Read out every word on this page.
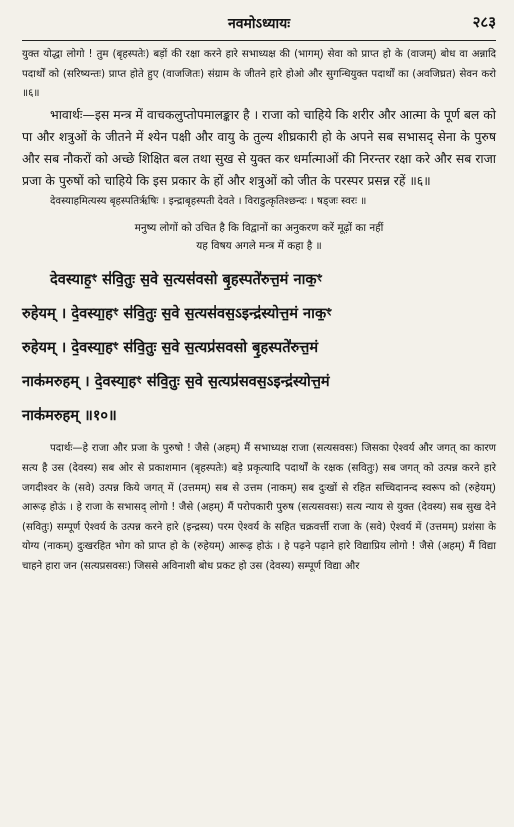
नवमोऽध्यायः	२८३

युक्त योद्धा लोगो ! तुम (बृहस्पतेः) बड़ों की रक्षा करने हारे सभाध्यक्ष की (भागम्) सेवा को प्राप्त हो के (वाजम्) बोध वा अन्नादि पदार्थों को (सरिष्यन्तः) प्राप्त होते हुए (वाजजितः) संग्राम के जीतने हारे होओ और सुगन्धियुक्त पदार्थों का (अवजिघ्रत) सेवन करो ॥६॥

भावार्थः—इस मन्त्र में वाचकलुप्तोपमालङ्कार है । राजा को चाहिये कि शरीर और आत्मा के पूर्ण बल को पा और शत्रुओं के जीतने में श्येन पक्षी और वायु के तुल्य शीघ्रकारी हो के अपने सब सभासद् सेना के पुरुष और सब नौकरों को अच्छे शिक्षित बल तथा सुख से युक्त कर धर्मात्माओं की निरन्तर रक्षा करे और सब राजा प्रजा के पुरुषों को चाहिये कि इस प्रकार के हों और शत्रुओं को जीत के परस्पर प्रसन्न रहें ॥६॥

देवस्याहमित्यस्य बृहस्पतिर्ऋषिः । इन्द्राबृहस्पती देवते । विराडुत्कृतिश्छन्दः । षड्जः स्वरः ॥

मनुष्य लोगों को उचित है कि विद्वानों का अनुकरण करें मूढ़ों का नहीं
यह विषय अगले मन्त्र में कहा है ॥
देवस्याह॒ꣳ स॑वि॒तुः स॒वे स॒त्यस॑वसो बृ॒हस्पते॑रुत्त॒मं नाक॒ꣳ
रुहेयम् । दे॒वस्या॒हꣳ स॑वि॒तुः स॒वे स॒त्यस॑वस॒ऽइन्द्र॑स्योत्त॒मं नाक॒ꣳ
रुहेयम् । दे॒वस्या॒हꣳ स॑वि॒तुः स॒वे स॒त्यप्र॑सवसो बृ॒हस्पते॑रुत्त॒मं
नाक॑मरुहम् । दे॒वस्या॒हꣳ स॑वि॒तुः स॒वे स॒त्यप्र॑सवस॒ऽइन्द्र॑स्योत्त॒मं
नाक॑मरुहम् ॥१०॥

पदार्थः—हे राजा और प्रजा के पुरुषो ! जैसे (अहम्) मैं सभाध्यक्ष राजा (सत्यसवसः) जिसका ऐश्वर्य और जगत् का कारण सत्य है उस (देवस्य) सब ओर से प्रकाशमान (बृहस्पतेः) बड़े प्रकृत्यादि पदार्थों के रक्षक (सवितुः) सब जगत् को उत्पन्न करने हारे जगदीश्वर के (सवे) उत्पन्न किये जगत् में (उत्तमम्) सब से उत्तम (नाकम्) सब दुःखों से रहित सच्चिदानन्द स्वरूप को (रुहेयम्) आरूढ़ होऊं । हे राजा के सभासद् लोगो ! जैसे (अहम्) मैं परोपकारी पुरुष (सत्यसवसः) सत्य न्याय से युक्त (देवस्य) सब सुख देने (सवितुः) सम्पूर्ण ऐश्वर्य के उत्पन्न करने हारे (इन्द्रस्य) परम ऐश्वर्य के सहित चक्रवर्त्ती राजा के (सवे) ऐश्वर्य में (उत्तमम्) प्रशंसा के योग्य (नाकम्) दुःखरहित भोग को प्राप्त हो के (रुहेयम्) आरूढ़ होऊं । हे पढ़ने पढ़ाने हारे विद्याप्रिय लोगो ! जैसे (अहम्) मैं विद्या चाहने हारा जन (सत्यप्रसवसः) जिससे अविनाशी बोध प्रकट हो उस (देवस्य) सम्पूर्ण विद्या और
